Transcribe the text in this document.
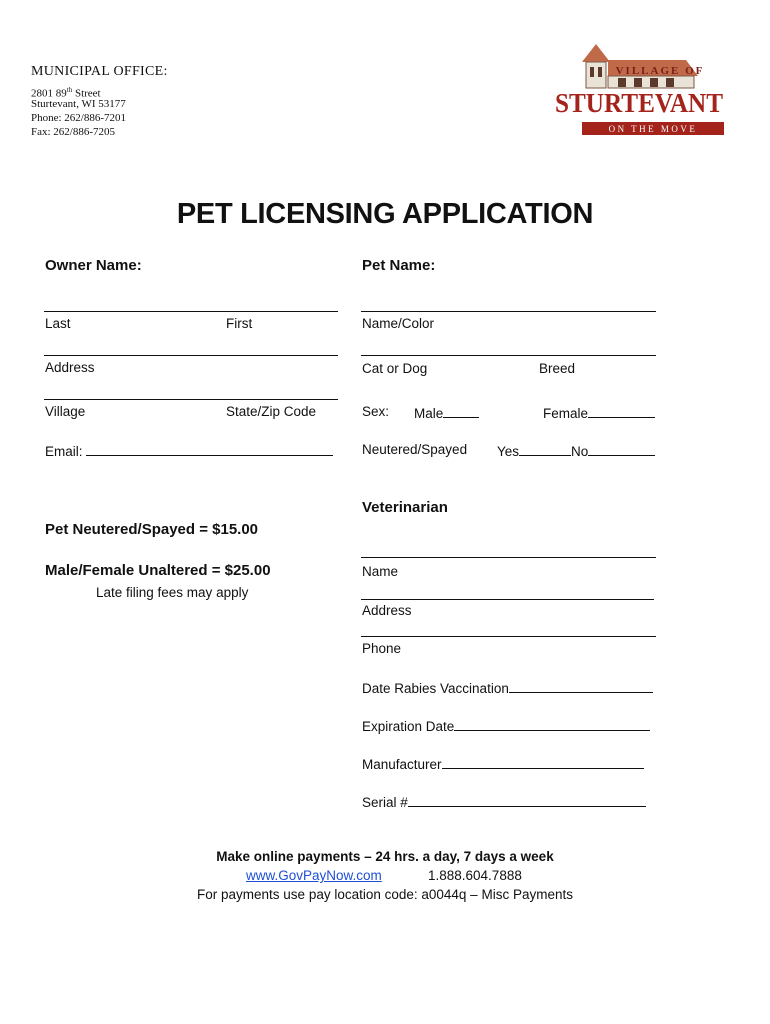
MUNICIPAL OFFICE:
2801 89th Street
Sturtevant, WI 53177
Phone: 262/886-7201
Fax: 262/886-7205
VILLAGE OF
STURTEVANT
ON THE MOVE
PET LICENSING APPLICATION
Owner Name:	Pet Name:
Last	First
Address
Village	State/Zip Code
Email:
Name/Color
Cat or Dog	Breed
Sex: Male	Female
Neutered/Spayed Yes	No
Pet Neutered/Spayed = $15.00
Male/Female Unaltered = $25.00
Late filing fees may apply
Veterinarian
Name
Address
Phone
Date Rabies Vaccination
Expiration Date
Manufacturer
Serial #
Make online payments – 24 hrs. a day, 7 days a week
www.GovPayNow.com	1.888.604.7888
For payments use pay location code: a0044q – Misc Payments
